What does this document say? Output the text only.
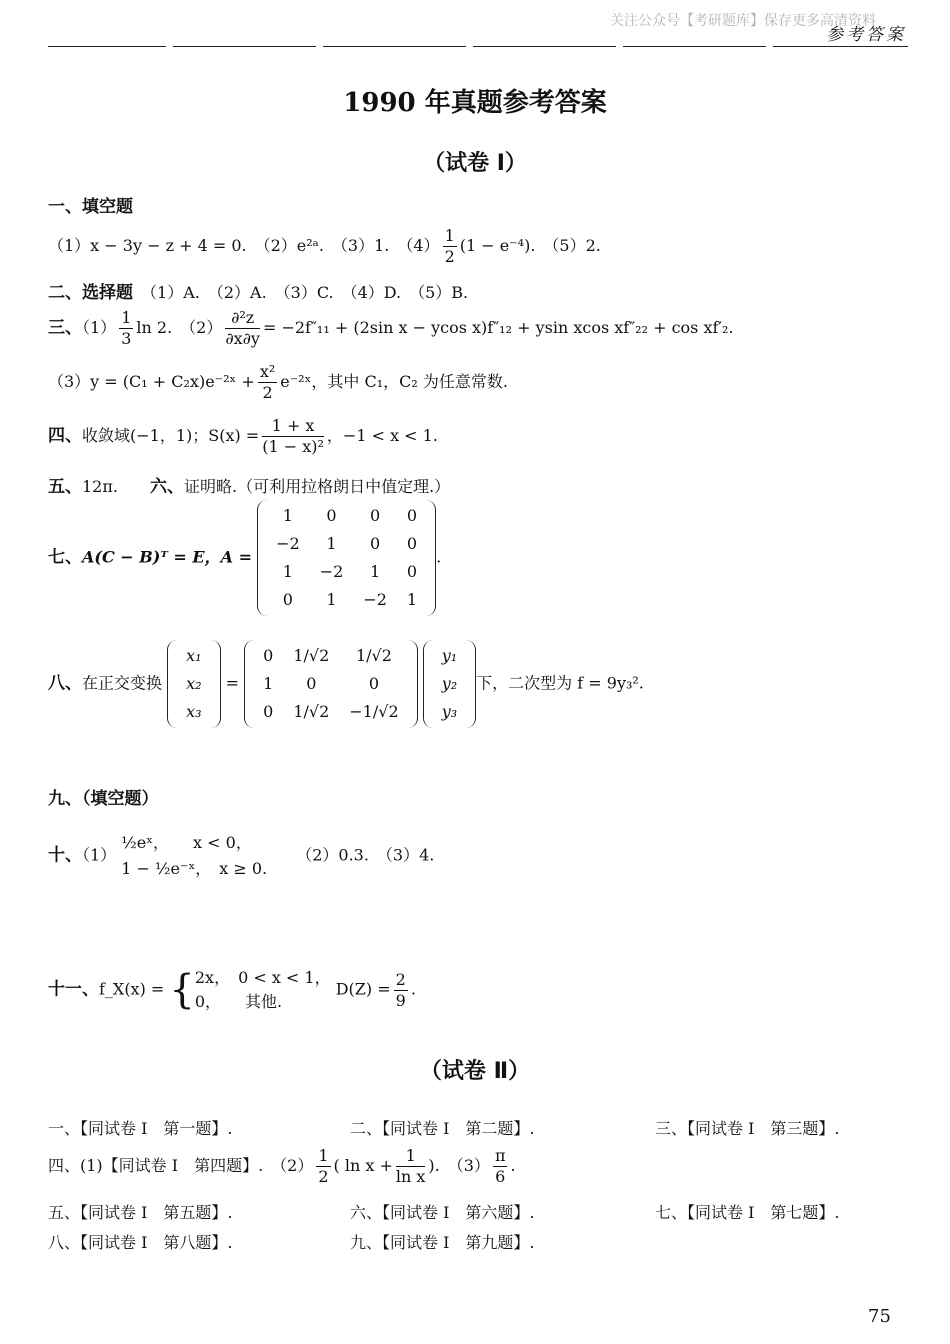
关注公众号【考研题库】保存更多高清资料
参考答案
1990 年真题参考答案
（试卷 Ⅰ）
一、填空题
（1）x − 3y − z + 4 = 0.　（2）e²ᵃ.　（3）1.　$(4) \frac{1}{2} (1 - e^{-4})$.　（5）2.
二、选择题　 （1）A.　（2）A.　（3）C.　（4）D.　（5）B.
三、$(1) \frac{1}{3}$ ln 2.　$(2) \frac{\text{∂²z}}{\partial x\partial y} = -2f''_{11} + (2\sin$ x − ycos x)f″₁₂ + ysin xcos xf″₂₂ + cos xf′₂.
（3）y = (C₁ + C₂x)e⁻²ˣ + $\frac{\text{x²}}{2}$ e⁻²ˣ，其中 C₁，C₂ 为任意常数.
四、收敛域(−1，1)；$S(x) = \frac{1 + x}{\text{(1 − x)²}}$ ，−1 < x < 1.
五、12π.　　 六、证明略.（可利用拉格朗日中值定理.）
七、A(C − B)ᵀ = E，A =
1	0	0	0
−2	1	0	0
1	−2	1	0
0	1	−2	1
.
八、在正交变换
x₁
x₂
x₃
=
0	1/√2	1/√2
1	0	0
0	1/√2	−1/√2

y₁
y₂
y₃
下，二次型为 f = 9y₃².
九、（填空题）
十、（1）
½eˣ，　　x < 0，
1 − ½e⁻ˣ，　x ≥ 0.
　　（2）0.3.　（3）4.
十一、f_X(x) = { 2x，　0 < x < 1，
0，　　其他.
$D(Z) = \frac{2}{9}$ .
（试卷 Ⅱ）
一、【同试卷 Ⅰ　第一题】.	二、【同试卷 Ⅰ　第二题】.	三、【同试卷 Ⅰ　第三题】.
四、(1)【同试卷 Ⅰ　第四题】.　$(2) \frac{1}{2}$ ( $\ln x + \frac{1}{\text{ln x}}$ ).　$(3) \frac{\pi}{6}$ .
五、【同试卷 Ⅰ　第五题】.	六、【同试卷 Ⅰ　第六题】.	七、【同试卷 Ⅰ　第七题】.
八、【同试卷 Ⅰ　第八题】.	九、【同试卷 Ⅰ　第九题】.
75
